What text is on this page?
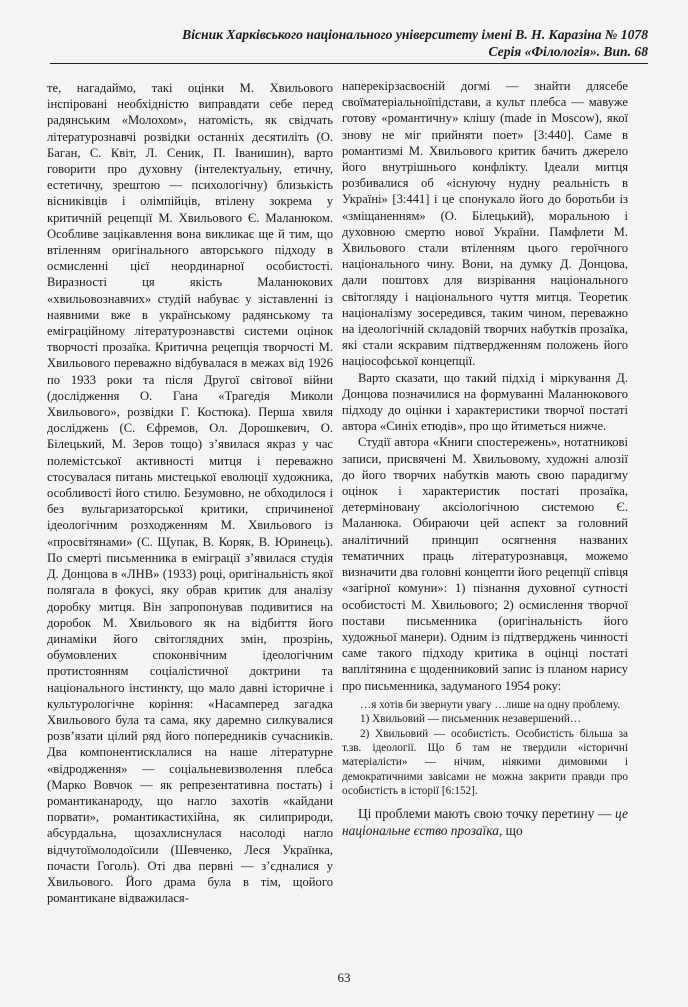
Вісник Харківського національного університету імені В. Н. Каразіна № 1078
Серія «Філологія». Вип. 68

те, нагадаймо, такі оцінки М. Хвильового інспіровані необхідністю виправдати себе перед радянським «Молохом», натомість, як свідчать літературознавчі розвідки останніх десятиліть (О. Баган, С. Квіт, Л. Сеник, П. Іванишин), варто говорити про духовну (інтелектуальну, етичну, естетичну, зрештою — психологічну) близькість вісниківців і олімпійців, втілену зокрема у критичній рецепції М. Хвильового Є. Маланюком. Особливе зацікавлення вона викликає ще й тим, що втіленням оригінального авторського підходу в осмисленні цієї неординарної особистості. Виразності ця якість Маланюкових «хвильовознавчих» студій набуває у зіставленні із наявними вже в українському радянському та еміграційному літературознавстві системи оцінок творчості прозаїка. Критична рецепція творчості М. Хвильового переважно відбувалася в межах від 1926 по 1933 роки та після Другої світової війни (дослідження О. Гана «Трагедія Миколи Хвильового», розвідки Г. Костюка). Перша хвиля досліджень (С. Єфремов, Ол. Дорошкевич, О. Білецький, М. Зеров тощо) з’явилася якраз у час полемістської активності митця і переважно стосувалася питань мистецької еволюції художника, особливості його стилю. Безумовно, не обходилося і без вульгаризаторської критики, спричиненої ідеологічним розходженням М. Хвильового із «просвітянами» (С. Щупак, В. Коряк, В. Юринець). По смерті письменника в еміграції з’явилася студія Д. Донцова в «ЛНВ» (1933) році, оригінальність якої полягала в фокусі, яку обрав критик для аналізу доробку митця. Він запропонував подивитися на доробок М. Хвильового як на відбиття його динаміки його світоглядних змін, прозрінь, обумовлених споконвічним ідеологічним протистоянням соціалістичної доктрини та національного інстинкту, що мало давні історичне і культурологічне коріння: «Насамперед загадка Хвильового була та сама, яку даремно силкувалися розв’язати цілий ряд його попередників сучасників. Два компонентисклалися на наше літературне «відродження» — соціальневизволення плебса (Марко Вовчок — як репрезентативна постать) і романтиканароду, що нагло захотів «кайдани порвати», романтикастихійна, як силиприроди, абсурдальна, щозахлиснулася насолоді нагло відчутоїмолодоїсили (Шевченко, Леся Українка, почасти Гоголь). Оті два первні — з’єдналися у Хвильового. Його драма була в тім, щойого романтикане відважилася-

наперекірзасвоєній догмі — знайти длясебе своїматеріальноїпідстави, а культ плебса — мавуже готову «романтичну» клішу (made in Moscow), якої знову не міг прийняти поет» [3:440]. Саме в романтизмі М. Хвильового критик бачить джерело його внутрішнього конфлікту. Ідеали митця розбивалися об «існуючу нудну реальність в Україні» [3:441] і це спонукало його до боротьби із «зміщаненням» (О. Білецький), моральною і духовною смертю нової України. Памфлети М. Хвильового стали втіленням цього героїчного національного чину. Вони, на думку Д. Донцова, дали поштовх для визрівання національного світогляду і національного чуття митця. Теоретик націоналізму зосередився, таким чином, переважно на ідеологічній складовій творчих набутків прозаїка, які стали яскравим підтвердженням положень його націософської концепції.

Варто сказати, що такий підхід і міркування Д. Донцова позначилися на формуванні Маланюкового підходу до оцінки і характеристики творчої постаті автора «Синіх етюдів», про що йтиметься нижче.

Студії автора «Книги спостережень», нотатникові записи, присвячені М. Хвильовому, художні алюзії до його творчих набутків мають свою парадигму оцінок і характеристик постаті прозаїка, детерміновану аксіологічною системою Є. Маланюка. Обираючи цей аспект за головний аналітичний принцип осягнення названих тематичних праць літературознавця, можемо визначити два головні концепти його рецепції співця «загірної комуни»: 1) пізнання духовної сутності особистості М. Хвильового; 2) осмислення творчої постави письменника (оригінальність його художньої манери). Одним із підтверджень чинності саме такого підходу критика в оцінці постаті ваплітянина є щоденниковий запис із планом нарису про письменника, задуманого 1954 року:

…я хотів би звернути увагу …лише на одну проблему.

1) Хвильовий — письменник незавершений…

2) Хвильовий — особистість. Особистість більша за т.зв. ідеології. Що б там не твердили «історичні матеріалісти» — нічим, ніякими димовими і демократичними завісами не можна закрити правди про особистість в історії [6:152].

Ці проблеми мають свою точку перетину — це національне єство прозаїка, що

63
